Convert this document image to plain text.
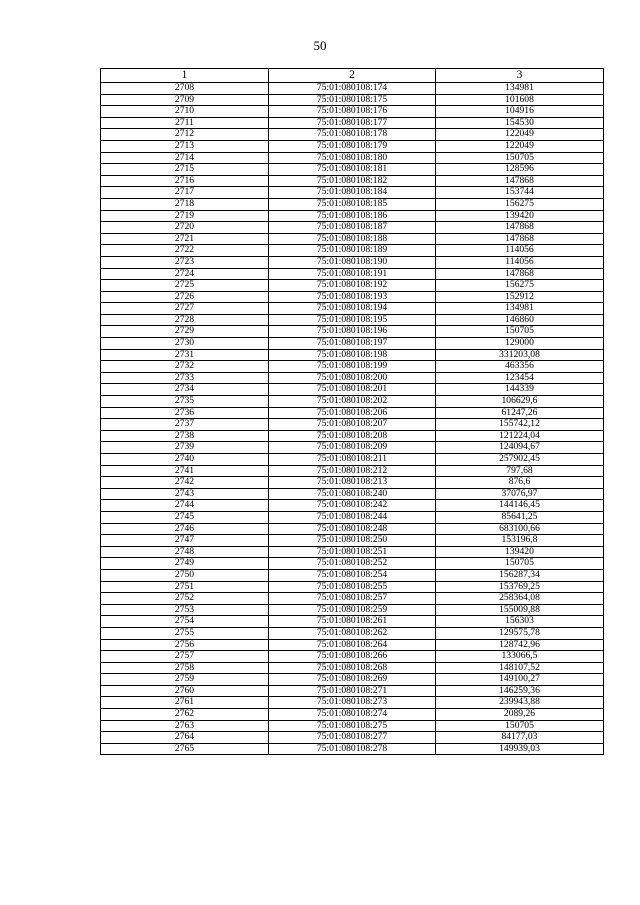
50
1	2	3
2708	75:01:080108:174	134981
2709	75:01:080108:175	101608
2710	75:01:080108:176	104916
2711	75:01:080108:177	154530
2712	75:01:080108:178	122049
2713	75:01:080108:179	122049
2714	75:01:080108:180	150705
2715	75:01:080108:181	128596
2716	75:01:080108:182	147868
2717	75:01:080108:184	153744
2718	75:01:080108:185	156275
2719	75:01:080108:186	139420
2720	75:01:080108:187	147868
2721	75:01:080108:188	147868
2722	75:01:080108:189	114056
2723	75:01:080108:190	114056
2724	75:01:080108:191	147868
2725	75:01:080108:192	156275
2726	75:01:080108:193	152912
2727	75:01:080108:194	134981
2728	75:01:080108:195	146860
2729	75:01:080108:196	150705
2730	75:01:080108:197	129000
2731	75:01:080108:198	331203,08
2732	75:01:080108:199	463356
2733	75:01:080108:200	123454
2734	75:01:080108:201	144339
2735	75:01:080108:202	106629,6
2736	75:01:080108:206	61247,26
2737	75:01:080108:207	155742,12
2738	75:01:080108:208	121224,04
2739	75:01:080108:209	124094,67
2740	75:01:080108:211	257902,45
2741	75:01:080108:212	797,68
2742	75:01:080108:213	876,6
2743	75:01:080108:240	37076,97
2744	75:01:080108:242	144146,45
2745	75:01:080108:244	85641,25
2746	75:01:080108:248	683100,66
2747	75:01:080108:250	153196,8
2748	75:01:080108:251	139420
2749	75:01:080108:252	150705
2750	75:01:080108:254	156287,34
2751	75:01:080108:255	153769,25
2752	75:01:080108:257	258364,08
2753	75:01:080108:259	155009,88
2754	75:01:080108:261	156303
2755	75:01:080108:262	129575,78
2756	75:01:080108:264	128742,96
2757	75:01:080108:266	133066,5
2758	75:01:080108:268	148107,52
2759	75:01:080108:269	149100,27
2760	75:01:080108:271	146259,36
2761	75:01:080108:273	239943,88
2762	75:01:080108:274	2089,26
2763	75:01:080108:275	150705
2764	75:01:080108:277	84177,03
2765	75:01:080108:278	149939,03
